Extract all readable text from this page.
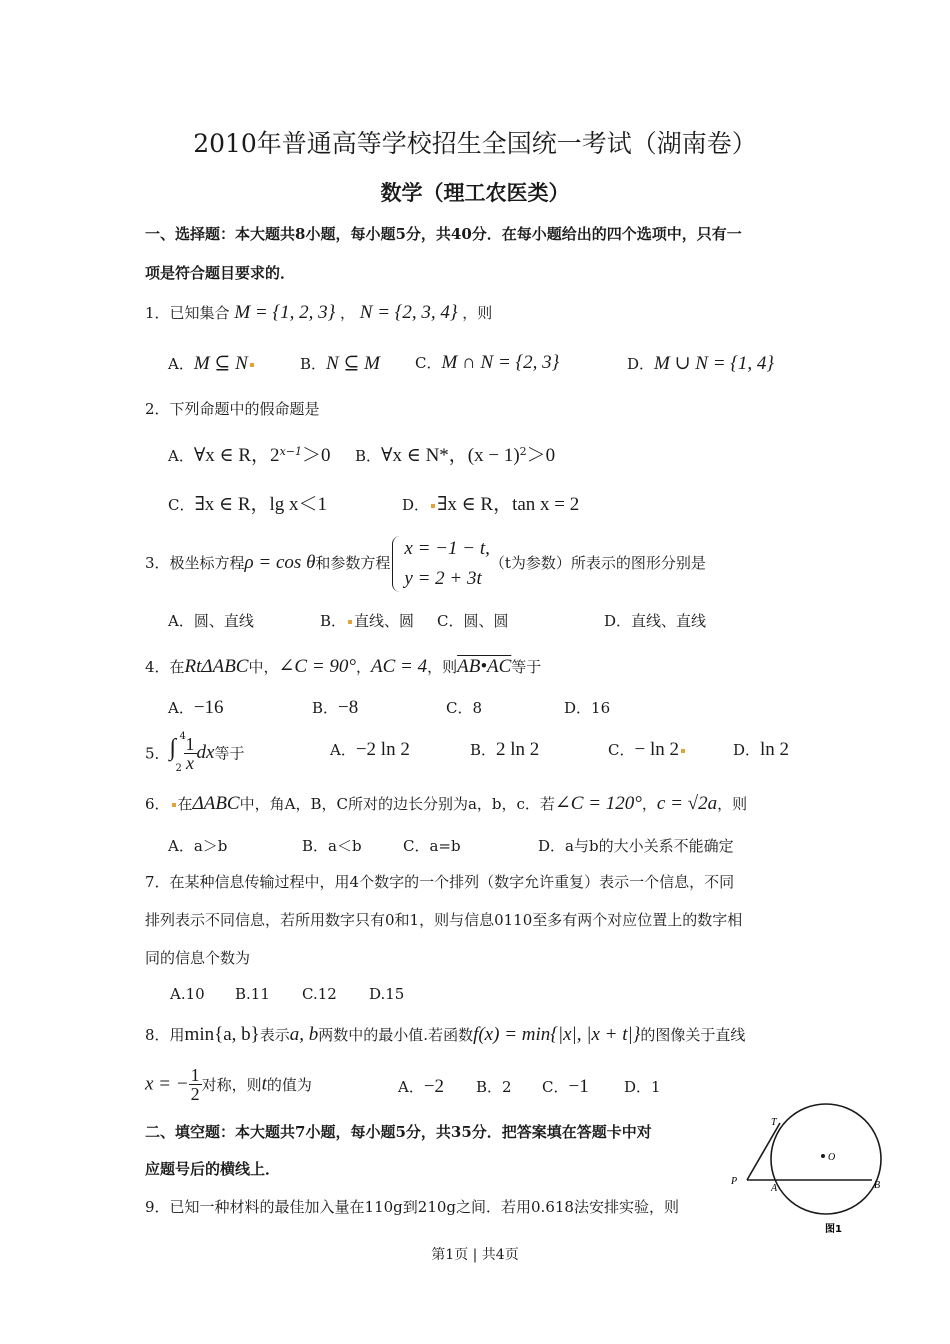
2010年普通高等学校招生全国统一考试（湖南卷）
数学（理工农医类）
一、选择题：本大题共8小题，每小题5分，共40分．在每小题给出的四个选项中，只有一
项是符合题目要求的．
1．已知集合 M = {1, 2, 3} ， N = {2, 3, 4} ，则
A．M ⊆ N	B．N ⊆ M C．M ∩ N = {2, 3}	D．M ∪ N = {1, 4}
2．下列命题中的假命题是
A．∀x ∈ R，$2^{x-1}>0$ B．∀x ∈ N*，$(x - 1)^2>0$
C．∃x ∈ R，lg x＜1	D． ∃x ∈ R，tan x = 2
3．极坐标方程ρ = cos θ和参数方程
x = −1 − t,
y = 2 + 3t
（t为参数）所表示的图形分别是
A．圆、直线	B． 直线、圆 C．圆、圆	D．直线、直线
4．在RtΔABC中，∠C = 90°，AC = 4，则AB•AC等于
A．−16	B．−8	C．8	D．16
5． ∫ 4
$2 \frac{1}{x}$ dx等于	A．−2 ln 2	B．2 ln 2	C．− ln 2	D．ln 2
6． 在ΔABC中，角A，B，C所对的边长分别为a，b，c．若∠C = 120°，c = √2a，则
A．a＞b	B．a＜b	C．a=b	D．a与b的大小关系不能确定
7．在某种信息传输过程中，用4个数字的一个排列（数字允许重复）表示一个信息，不同
排列表示不同信息，若所用数字只有0和1，则与信息0110至多有两个对应位置上的数字相
同的信息个数为
A.10 B.11 C.12 D.15
8．用min{a, b}表示a, b两数中的最小值.若函数f(x) = min{|x|, |x + t|}的图像关于直线
x = − $\frac{1}{2}$ 对称，则t的值为	A．−2 B．2 C．−1 D．1
二、填空题：本大题共7小题，每小题5分，共35分．把答案填在答题卡中对
应题号后的横线上．
9．已知一种材料的最佳加入量在110g到210g之间．若用0.618法安排实验，则
T
O
P
A	B
图1
第1页 | 共4页
